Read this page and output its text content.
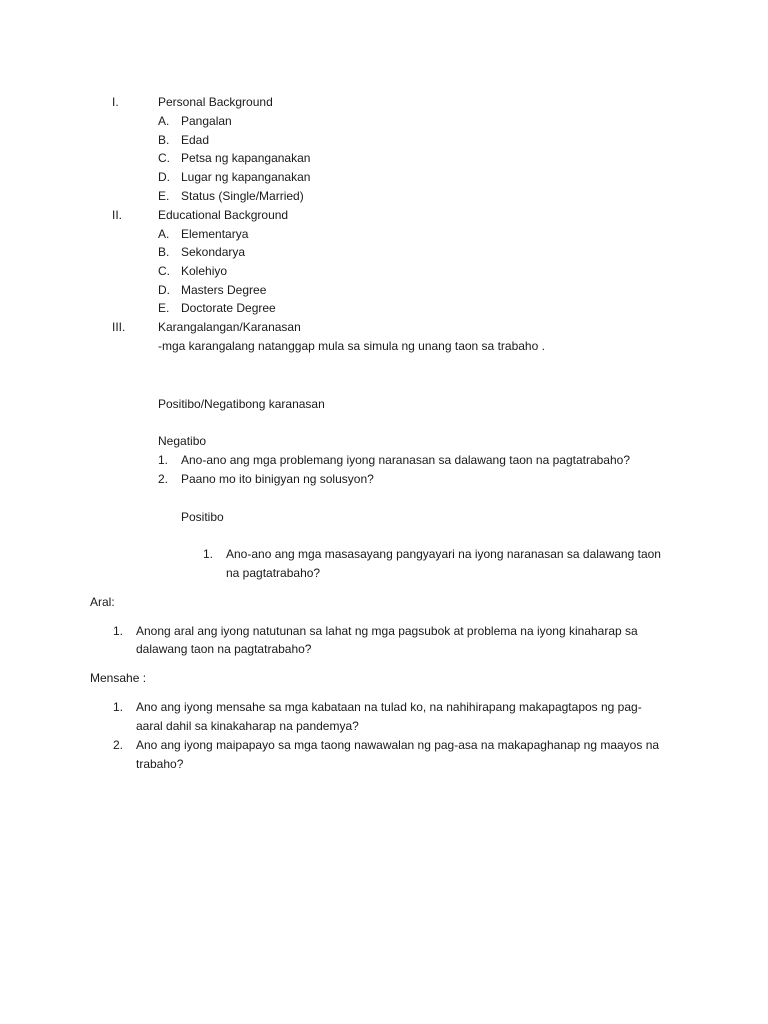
I.	Personal Background
A. Pangalan
B. Edad
C. Petsa ng kapanganakan
D. Lugar ng kapanganakan
E. Status (Single/Married)
II.	Educational Background
A. Elementarya
B. Sekondarya
C. Kolehiyo
D. Masters Degree
E. Doctorate Degree
III.	Karangalangan/Karanasan
-mga karangalang natanggap mula sa simula ng unang taon sa trabaho .
Positibo/Negatibong karanasan
Negatibo
1. Ano-ano ang mga problemang iyong naranasan sa dalawang taon na pagtatrabaho?
2. Paano mo ito binigyan ng solusyon?
Positibo
1. Ano-ano ang mga masasayang pangyayari na iyong naranasan sa dalawang taon
na pagtatrabaho?
Aral:
1. Anong aral ang iyong natutunan sa lahat ng mga pagsubok at problema na iyong kinaharap sa
dalawang taon na pagtatrabaho?
Mensahe :
1. Ano ang iyong mensahe sa mga kabataan na tulad ko, na nahihirapang makapagtapos ng pag-
aaral dahil sa kinakaharap na pandemya?
2. Ano ang iyong maipapayo sa mga taong nawawalan ng pag-asa na makapaghanap ng maayos na
trabaho?
